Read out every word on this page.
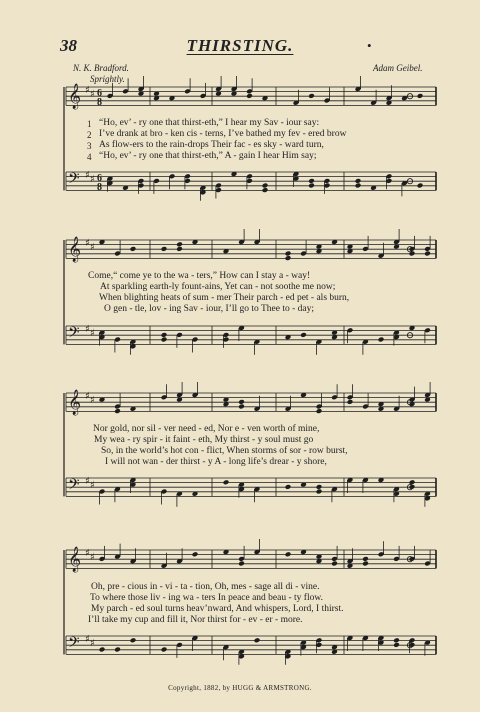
38	THIRSTING.	•
N. K. Bradford.	Adam Geibel.
Sprightly.
𝄞 ♯ ♯ 6
8
𝄢 ♯ ♯ 6
8
𝄞 ♯ ♯
𝄢 ♯ ♯
𝄞 ♯ ♯
𝄢 ♯ ♯
𝄞 ♯ ♯
𝄢 ♯ ♯
1
2
3
4
“Ho, ev’ - ry one that thirst-eth,” I hear my Sav - iour say:
I’ve drank at bro - ken cis - terns, I’ve bathed my fev - ered brow
As flow-ers to the rain-drops Their fac - es sky - ward turn,
“Ho, ev’ - ry one that thirst-eth,” A - gain I hear Him say;
Come,“ come ye to the wa - ters,” How can I stay a - way!
At sparkling earth-ly fount-ains, Yet can - not soothe me now;
When blighting heats of sum - mer Their parch - ed pet - als burn,
O gen - tle, lov - ing Sav - iour, I’ll go to Thee to - day;
Nor gold, nor sil - ver need - ed, Nor e - ven worth of mine,
My wea - ry spir - it faint - eth, My thirst - y soul must go
So, in the world’s hot con - flict, When storms of sor - row burst,
I will not wan - der thirst - y A - long life’s drear - y shore,
Oh, pre - cious in - vi - ta - tion, Oh, mes - sage all di - vine.
To where those liv - ing wa - ters In peace and beau - ty flow.
My parch - ed soul turns heav’nward, And whispers, Lord, I thirst.
I’ll take my cup and fill it, Nor thirst for - ev - er - more.
Copyright, 1882, by HUGG & ARMSTRONG.
